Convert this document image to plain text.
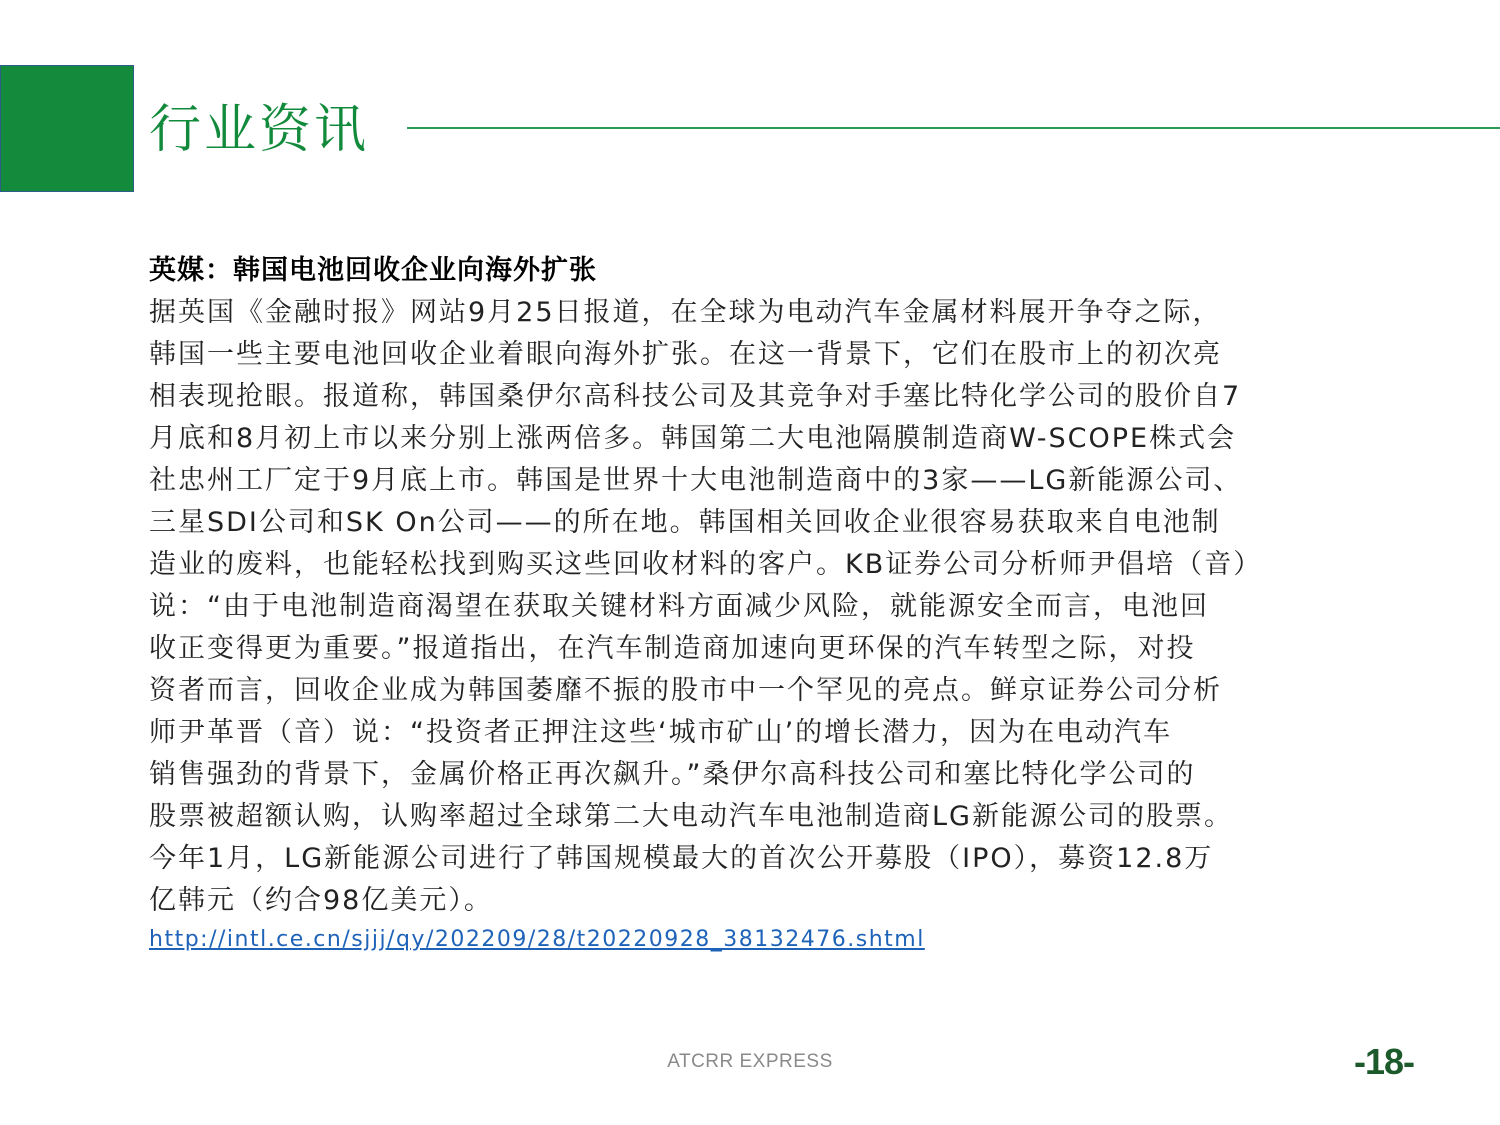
行业资讯
英媒：韩国电池回收企业向海外扩张
据英国《金融时报》网站9月25日报道，在全球为电动汽车金属材料展开争夺之际，
韩国一些主要电池回收企业着眼向海外扩张。在这一背景下，它们在股市上的初次亮
相表现抢眼。报道称，韩国桑伊尔高科技公司及其竞争对手塞比特化学公司的股价自7
月底和8月初上市以来分别上涨两倍多。韩国第二大电池隔膜制造商W-SCOPE株式会
社忠州工厂定于9月底上市。韩国是世界十大电池制造商中的3家——LG新能源公司、
三星SDI公司和SK On公司——的所在地。韩国相关回收企业很容易获取来自电池制
造业的废料，也能轻松找到购买这些回收材料的客户。KB证券公司分析师尹倡培（音）
说：“由于电池制造商渴望在获取关键材料方面减少风险，就能源安全而言，电池回
收正变得更为重要。”报道指出，在汽车制造商加速向更环保的汽车转型之际，对投
资者而言，回收企业成为韩国萎靡不振的股市中一个罕见的亮点。鲜京证券公司分析
师尹革晋（音）说：“投资者正押注这些‘城市矿山’的增长潜力，因为在电动汽车
销售强劲的背景下，金属价格正再次飙升。”桑伊尔高科技公司和塞比特化学公司的
股票被超额认购，认购率超过全球第二大电动汽车电池制造商LG新能源公司的股票。
今年1月，LG新能源公司进行了韩国规模最大的首次公开募股（IPO），募资12.8万
亿韩元（约合98亿美元）。
http://intl.ce.cn/sjjj/qy/202209/28/t20220928_38132476.shtml
ATCRR EXPRESS	-18-
